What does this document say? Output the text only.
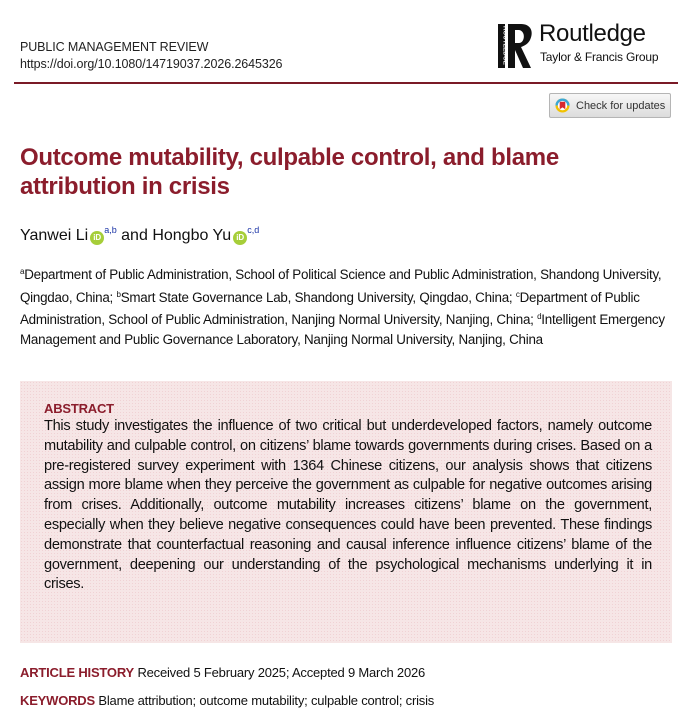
PUBLIC MANAGEMENT REVIEW
https://doi.org/10.1080/14719037.2026.2645326	ROUTLEDGE Routledge
Taylor & Francis Group
Check for updates
Outcome mutability, culpable control, and blame attribution in crisis
Yanwei Li iD$^{a,b}$ and Hongbo Yu iD$^{c,d}$
$^a$Department of Public Administration, School of Political Science and Public Administration, Shandong University, Qingdao, China; $^b$Smart State Governance Lab, Shandong University, Qingdao, China; $^c$Department of Public Administration, School of Public Administration, Nanjing Normal University, Nanjing, China; $^d$Intelligent Emergency Management and Public Governance Laboratory, Nanjing Normal University, Nanjing, China
ABSTRACT
This study investigates the influence of two critical but underdeveloped factors, namely outcome mutability and culpable control, on citizens’ blame towards governments during crises. Based on a pre-registered survey experiment with 1364 Chinese citizens, our analysis shows that citizens assign more blame when they perceive the government as culpable for negative outcomes arising from crises. Additionally, outcome mutability increases citizens’ blame on the government, especially when they believe negative consequences could have been prevented. These findings demonstrate that counterfactual reasoning and causal inference influence citizens’ blame of the government, deepening our understanding of the psychological mechanisms underlying it in crises.
ARTICLE HISTORY Received 5 February 2025; Accepted 9 March 2026
KEYWORDS Blame attribution; outcome mutability; culpable control; crisis
